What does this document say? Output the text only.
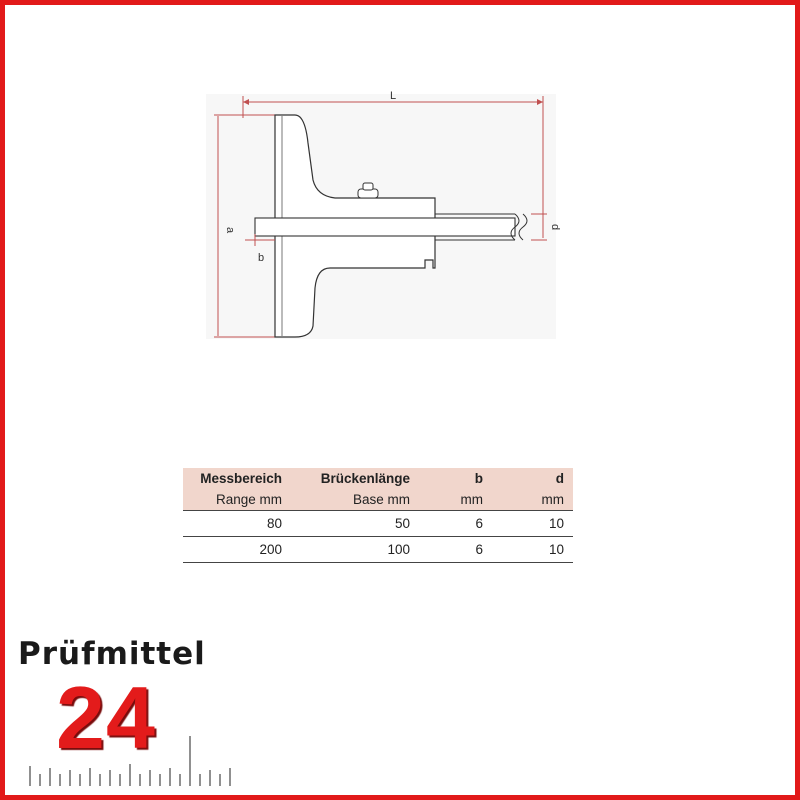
L
a	d
b
Messbereich	Brückenlänge	b	d
Range mm	Base mm	mm	mm
80	50	6	10
200	100	6	10

Prüfmittel

24
